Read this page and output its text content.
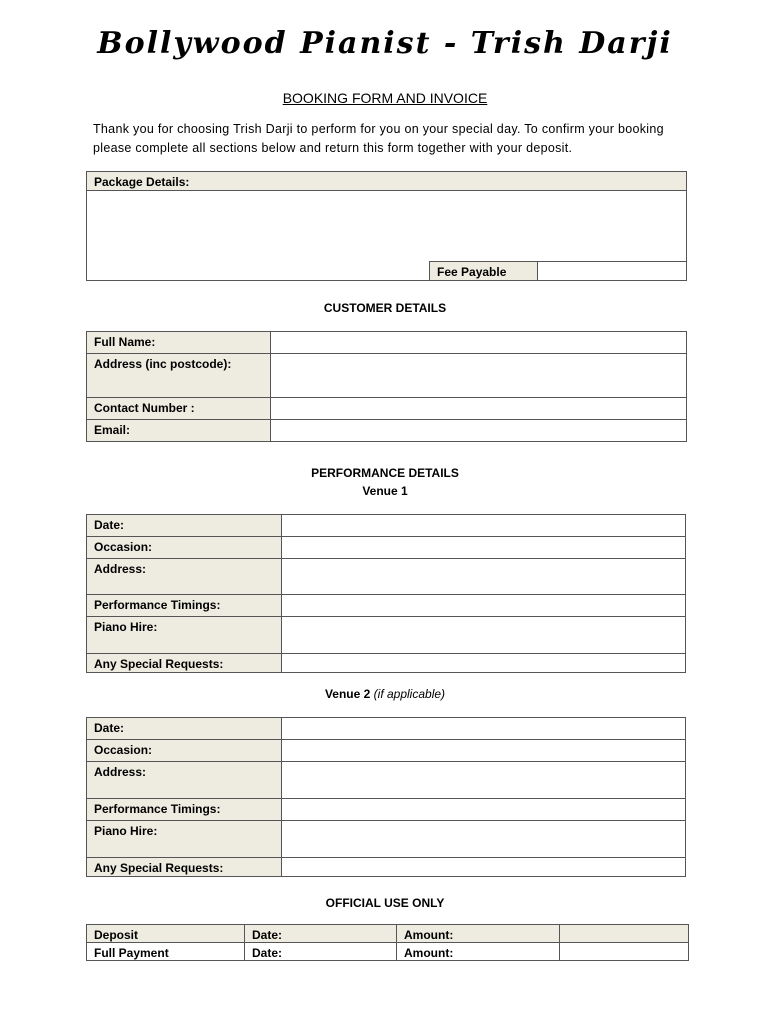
Bollywood Pianist - Trish Darji
BOOKING FORM AND INVOICE
Thank you for choosing Trish Darji to perform for you on your special day. To confirm your booking please complete all sections below and return this form together with your deposit.
Package Details:

	Fee Payable	
CUSTOMER DETAILS
Full Name:	
Address (inc postcode):	
Contact Number :	
Email:	
PERFORMANCE DETAILS
Venue 1
Date:	
Occasion:	
Address:	
Performance Timings:	
Piano Hire:	
Any Special Requests:	
Venue 2 (if applicable)
Date:	
Occasion:	
Address:	
Performance Timings:	
Piano Hire:	
Any Special Requests:	
OFFICIAL USE ONLY
Deposit	Date:	Amount:	
Full Payment	Date:	Amount:	
